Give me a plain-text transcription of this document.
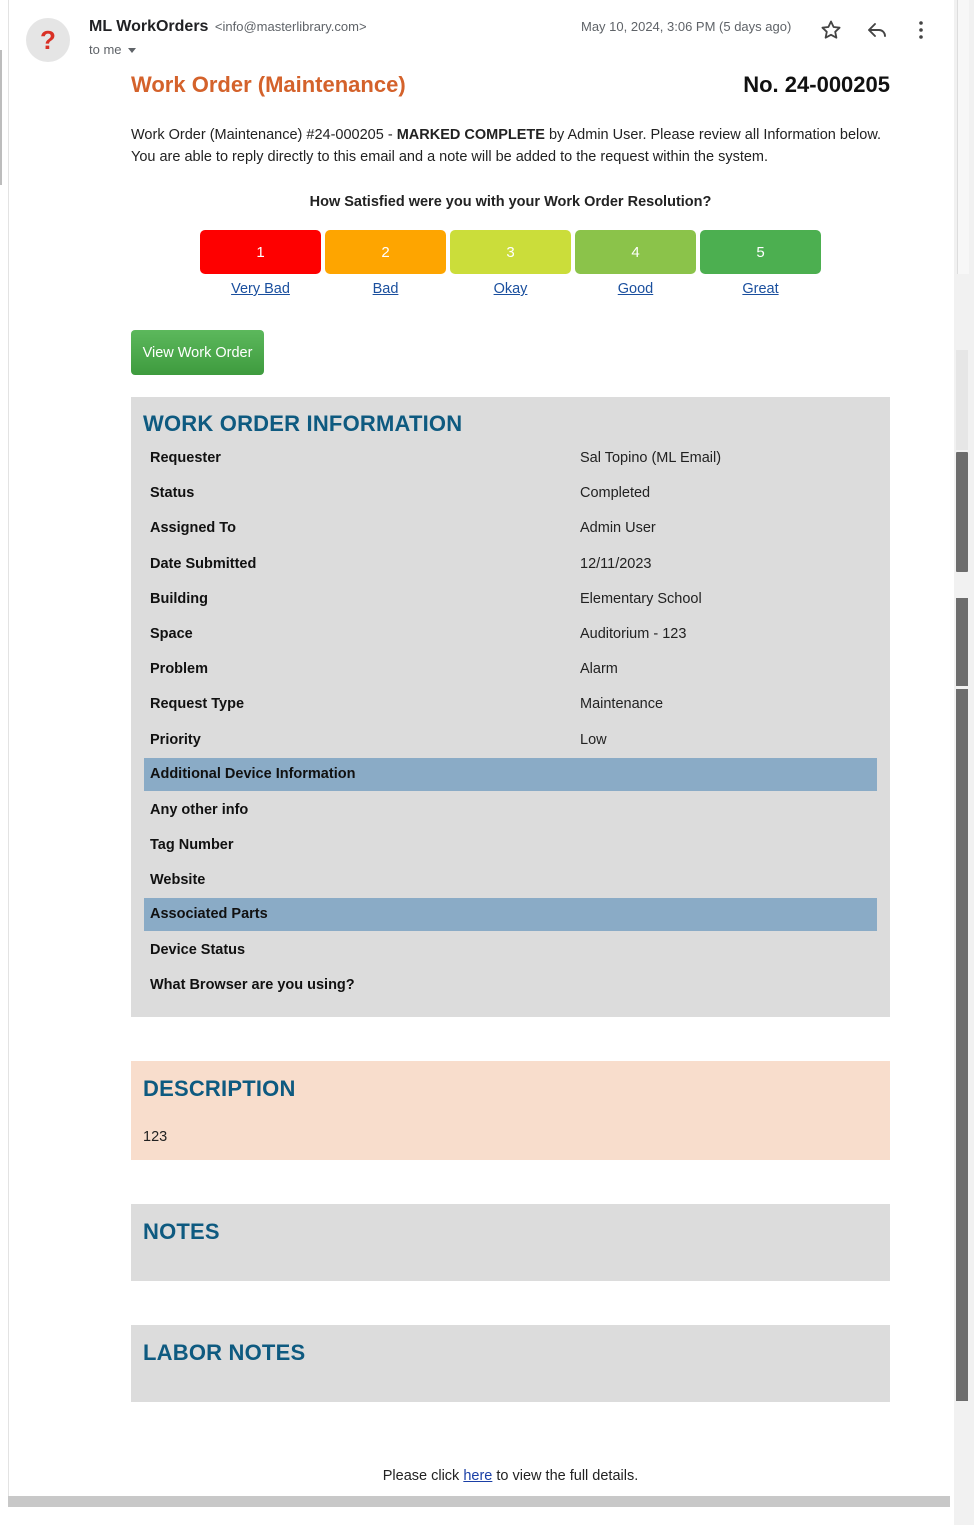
? ML WorkOrders <info@masterlibrary.com>
to me
May 10, 2024, 3:06 PM (5 days ago)
Work Order (Maintenance)	No. 24-000205
Work Order (Maintenance) #24-000205 - MARKED COMPLETE by Admin User. Please review all Information below. You are able to reply directly to this email and a note will be added to the request within the system.
How Satisfied were you with your Work Order Resolution?
1	2	3	4	5
Very Bad	Bad	Okay	Good	Great
View Work Order
WORK ORDER INFORMATION
Requester	Sal Topino (ML Email)
Status	Completed
Assigned To	Admin User
Date Submitted	12/11/2023
Building	Elementary School
Space	Auditorium - 123
Problem	Alarm
Request Type	Maintenance
Priority	Low
Additional Device Information
Any other info
Tag Number
Website
Associated Parts
Device Status
What Browser are you using?
DESCRIPTION
123
NOTES
LABOR NOTES
Please click here to view the full details.
